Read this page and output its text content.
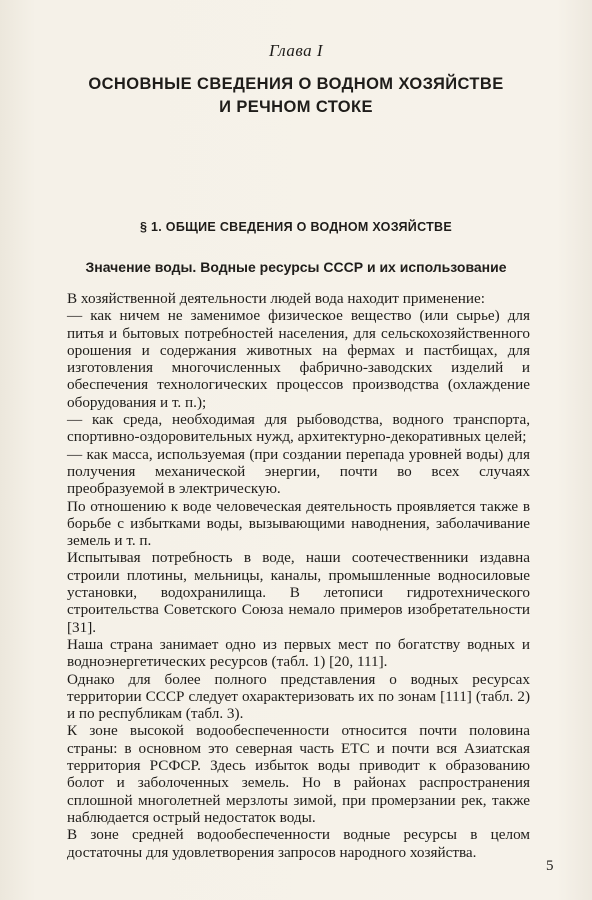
Глава I
ОСНОВНЫЕ СВЕДЕНИЯ О ВОДНОМ ХОЗЯЙСТВЕ
И РЕЧНОМ СТОКЕ
§ 1. ОБЩИЕ СВЕДЕНИЯ О ВОДНОМ ХОЗЯЙСТВЕ
Значение воды. Водные ресурсы СССР и их использование

В хозяйственной деятельности людей вода находит применение:

— как ничем не заменимое физическое вещество (или сырье) для питья и бытовых потребностей населения, для сельскохозяйственного орошения и содержания животных на фермах и пастбищах, для изготовления многочисленных фабрично-заводских изделий и обеспечения технологических процессов производства (охлаждение оборудования и т. п.);

— как среда, необходимая для рыбоводства, водного транспорта, спортивно-оздоровительных нужд, архитектурно-декоративных целей;

— как масса, используемая (при создании перепада уровней воды) для получения механической энергии, почти во всех случаях преобразуемой в электрическую.

По отношению к воде человеческая деятельность проявляется также в борьбе с избытками воды, вызывающими наводнения, заболачивание земель и т. п.

Испытывая потребность в воде, наши соотечественники издавна строили плотины, мельницы, каналы, промышленные водносиловые установки, водохранилища. В летописи гидротехнического строительства Советского Союза немало примеров изобретательности [31].

Наша страна занимает одно из первых мест по богатству водных и водноэнергетических ресурсов (табл. 1) [20, 111].

Однако для более полного представления о водных ресурсах территории СССР следует охарактеризовать их по зонам [111] (табл. 2) и по республикам (табл. 3).

К зоне высокой водообеспеченности относится почти половина страны: в основном это северная часть ЕТС и почти вся Азиатская территория РСФСР. Здесь избыток воды приводит к образованию болот и заболоченных земель. Но в районах распространения сплошной многолетней мерзлоты зимой, при промерзании рек, также наблюдается острый недостаток воды.

В зоне средней водообеспеченности водные ресурсы в целом достаточны для удовлетворения запросов народного хозяйства.

5
